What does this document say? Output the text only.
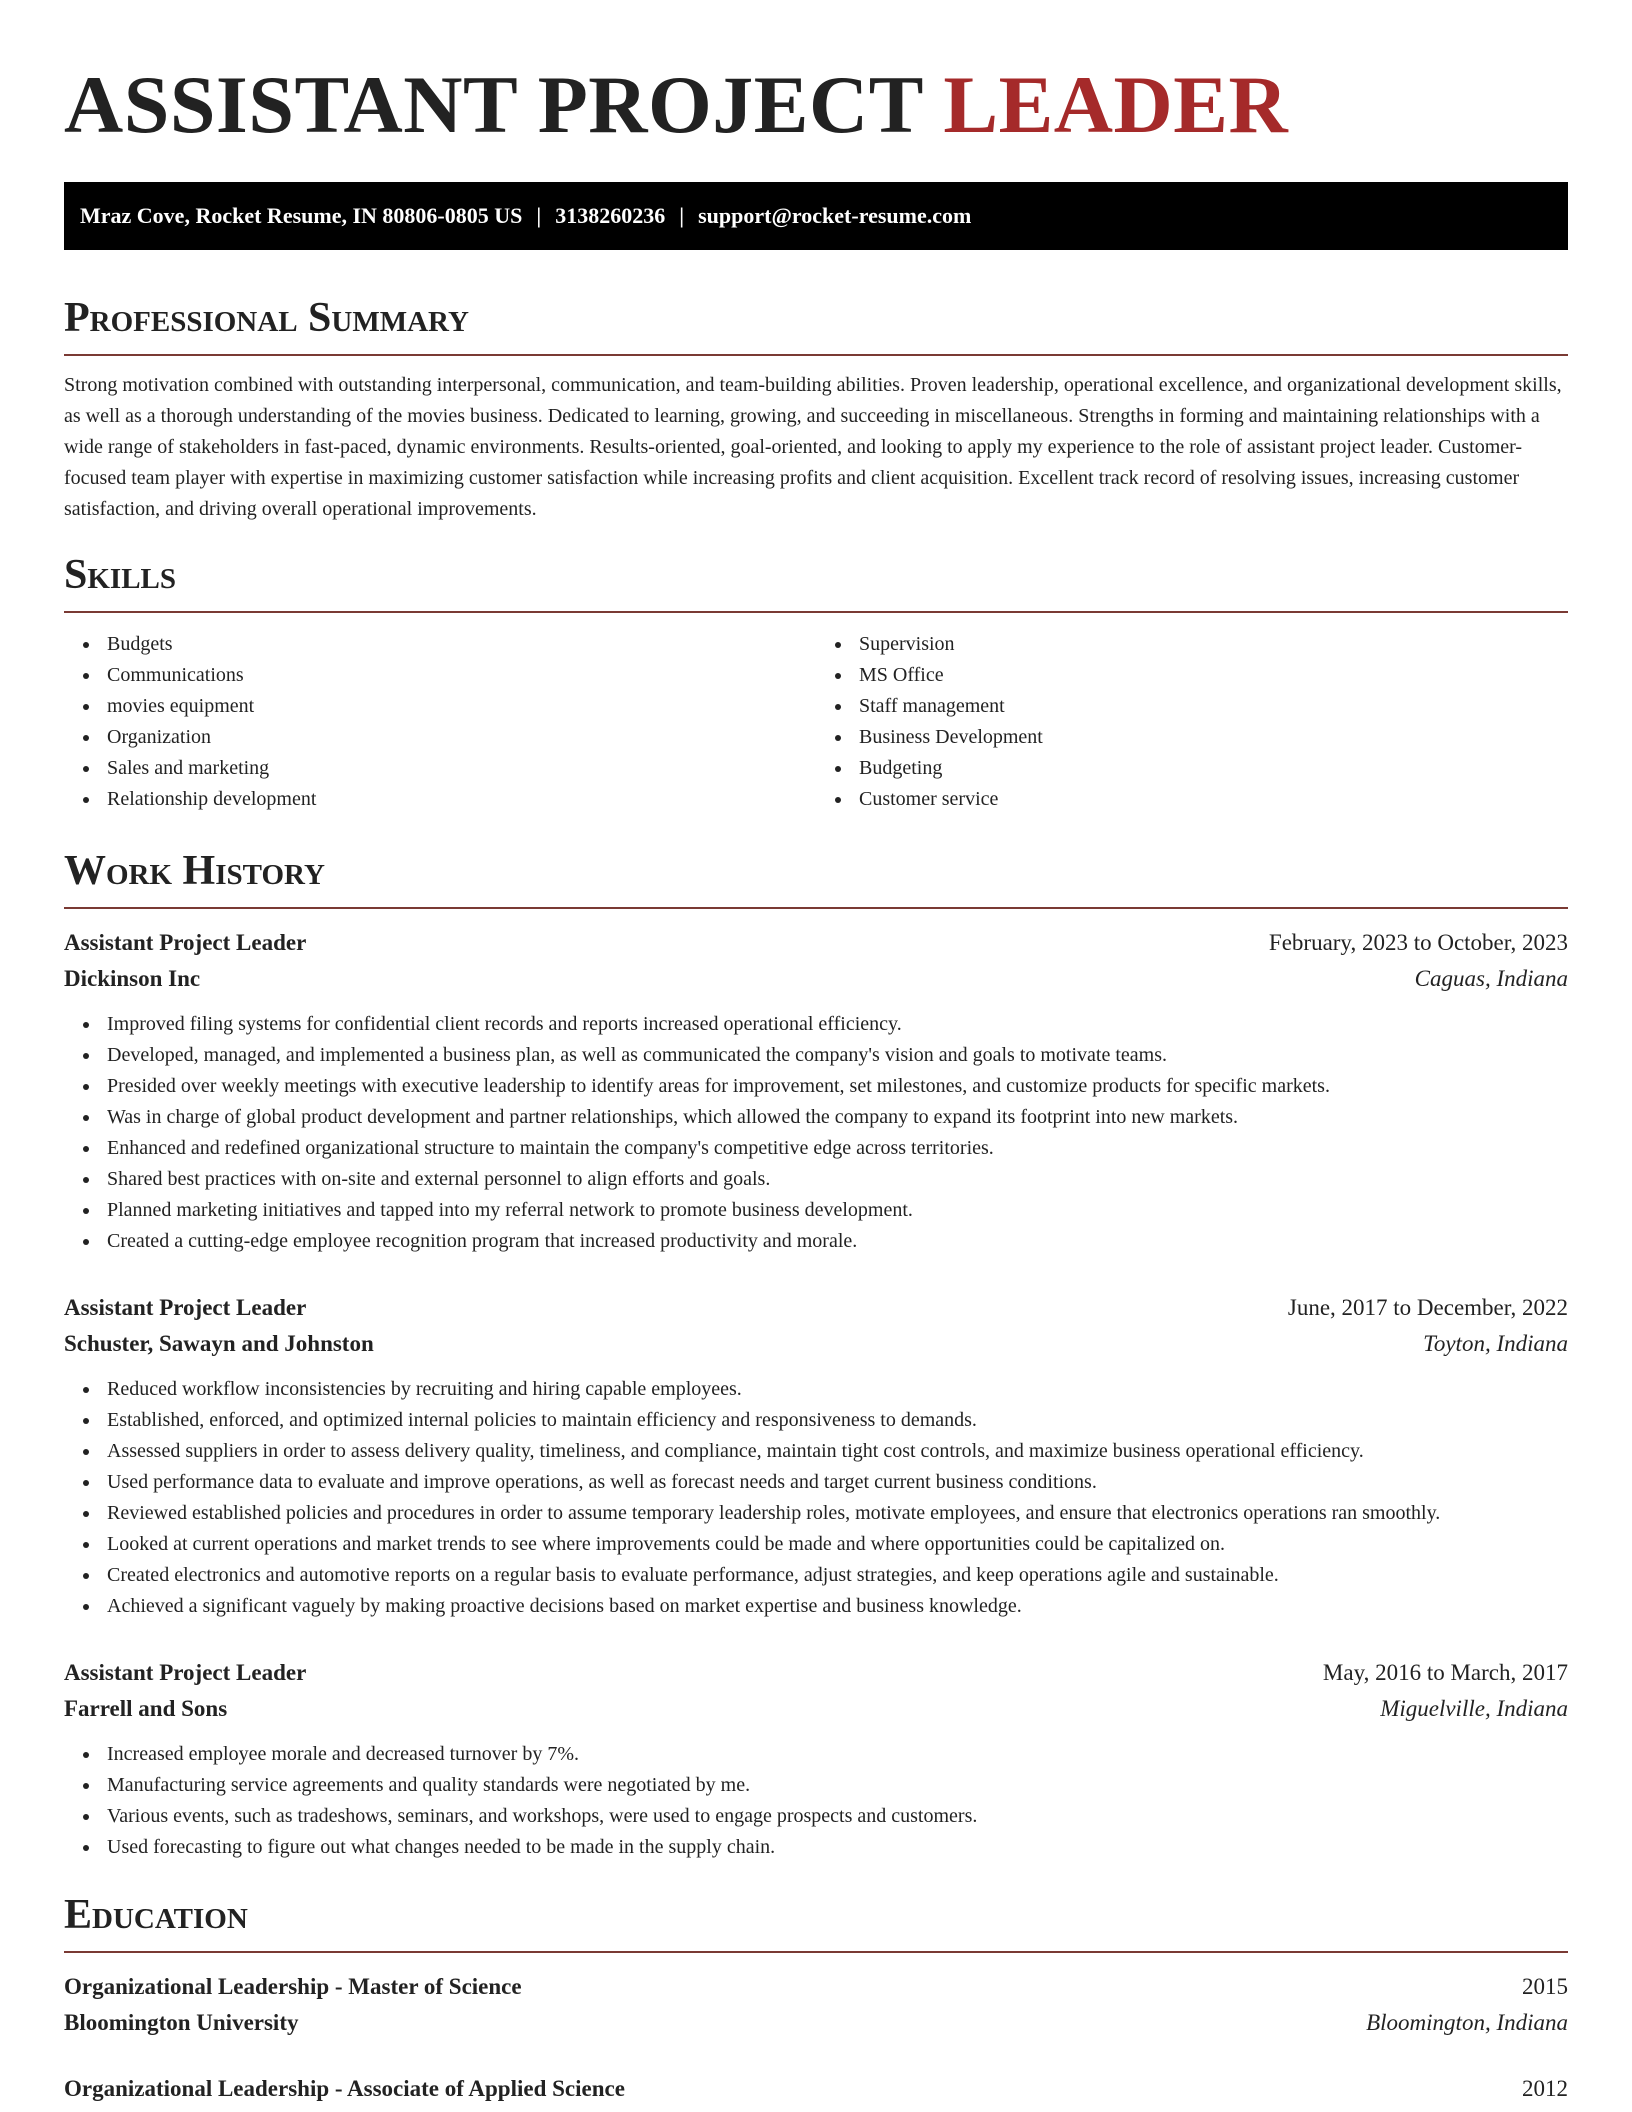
ASSISTANT PROJECT LEADER
Mraz Cove, Rocket Resume, IN 80806-0805 US | 3138260236 | support@rocket-resume.com
Professional Summary

Strong motivation combined with outstanding interpersonal, communication, and team-building abilities. Proven leadership, operational excellence, and organizational development skills, as well as a thorough understanding of the movies business. Dedicated to learning, growing, and succeeding in miscellaneous. Strengths in forming and maintaining relationships with a wide range of stakeholders in fast-paced, dynamic environments. Results-oriented, goal-oriented, and looking to apply my experience to the role of assistant project leader. Customer-focused team player with expertise in maximizing customer satisfaction while increasing profits and client acquisition. Excellent track record of resolving issues, increasing customer satisfaction, and driving overall operational improvements.

Skills
Budgets
Communications
movies equipment
Organization
Sales and marketing
Relationship development
Supervision
MS Office
Staff management
Business Development
Budgeting
Customer service
Work History
Assistant Project Leader	February, 2023 to October, 2023
Dickinson Inc	Caguas, Indiana
Improved filing systems for confidential client records and reports increased operational efficiency.
Developed, managed, and implemented a business plan, as well as communicated the company's vision and goals to motivate teams.
Presided over weekly meetings with executive leadership to identify areas for improvement, set milestones, and customize products for specific markets.
Was in charge of global product development and partner relationships, which allowed the company to expand its footprint into new markets.
Enhanced and redefined organizational structure to maintain the company's competitive edge across territories.
Shared best practices with on-site and external personnel to align efforts and goals.
Planned marketing initiatives and tapped into my referral network to promote business development.
Created a cutting-edge employee recognition program that increased productivity and morale.
Assistant Project Leader	June, 2017 to December, 2022
Schuster, Sawayn and Johnston	Toyton, Indiana
Reduced workflow inconsistencies by recruiting and hiring capable employees.
Established, enforced, and optimized internal policies to maintain efficiency and responsiveness to demands.
Assessed suppliers in order to assess delivery quality, timeliness, and compliance, maintain tight cost controls, and maximize business operational efficiency.
Used performance data to evaluate and improve operations, as well as forecast needs and target current business conditions.
Reviewed established policies and procedures in order to assume temporary leadership roles, motivate employees, and ensure that electronics operations ran smoothly.
Looked at current operations and market trends to see where improvements could be made and where opportunities could be capitalized on.
Created electronics and automotive reports on a regular basis to evaluate performance, adjust strategies, and keep operations agile and sustainable.
Achieved a significant vaguely by making proactive decisions based on market expertise and business knowledge.
Assistant Project Leader	May, 2016 to March, 2017
Farrell and Sons	Miguelville, Indiana
Increased employee morale and decreased turnover by 7%.
Manufacturing service agreements and quality standards were negotiated by me.
Various events, such as tradeshows, seminars, and workshops, were used to engage prospects and customers.
Used forecasting to figure out what changes needed to be made in the supply chain.
Education
Organizational Leadership - Master of Science	2015
Bloomington University	Bloomington, Indiana
Organizational Leadership - Associate of Applied Science	2012
